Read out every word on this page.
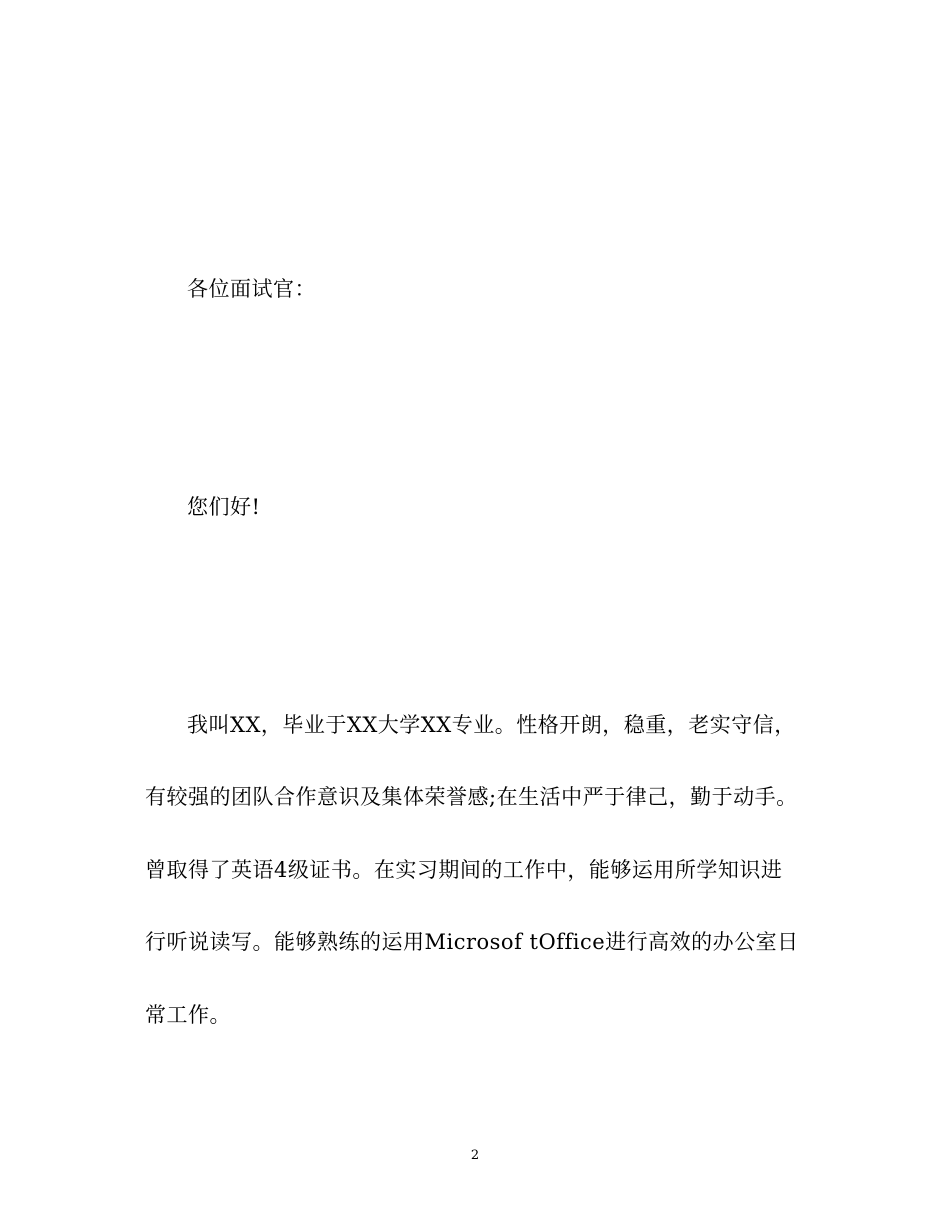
各位面试官：
您们好!
我叫XX，毕业于XX大学XX专业。性格开朗，稳重，老实守信，
有较强的团队合作意识及集体荣誉感;在生活中严于律己，勤于动手。
曾取得了英语4级证书。在实习期间的工作中，能够运用所学知识进
行听说读写。能够熟练的运用Microsof tOffice进行高效的办公室日
常工作。
2
